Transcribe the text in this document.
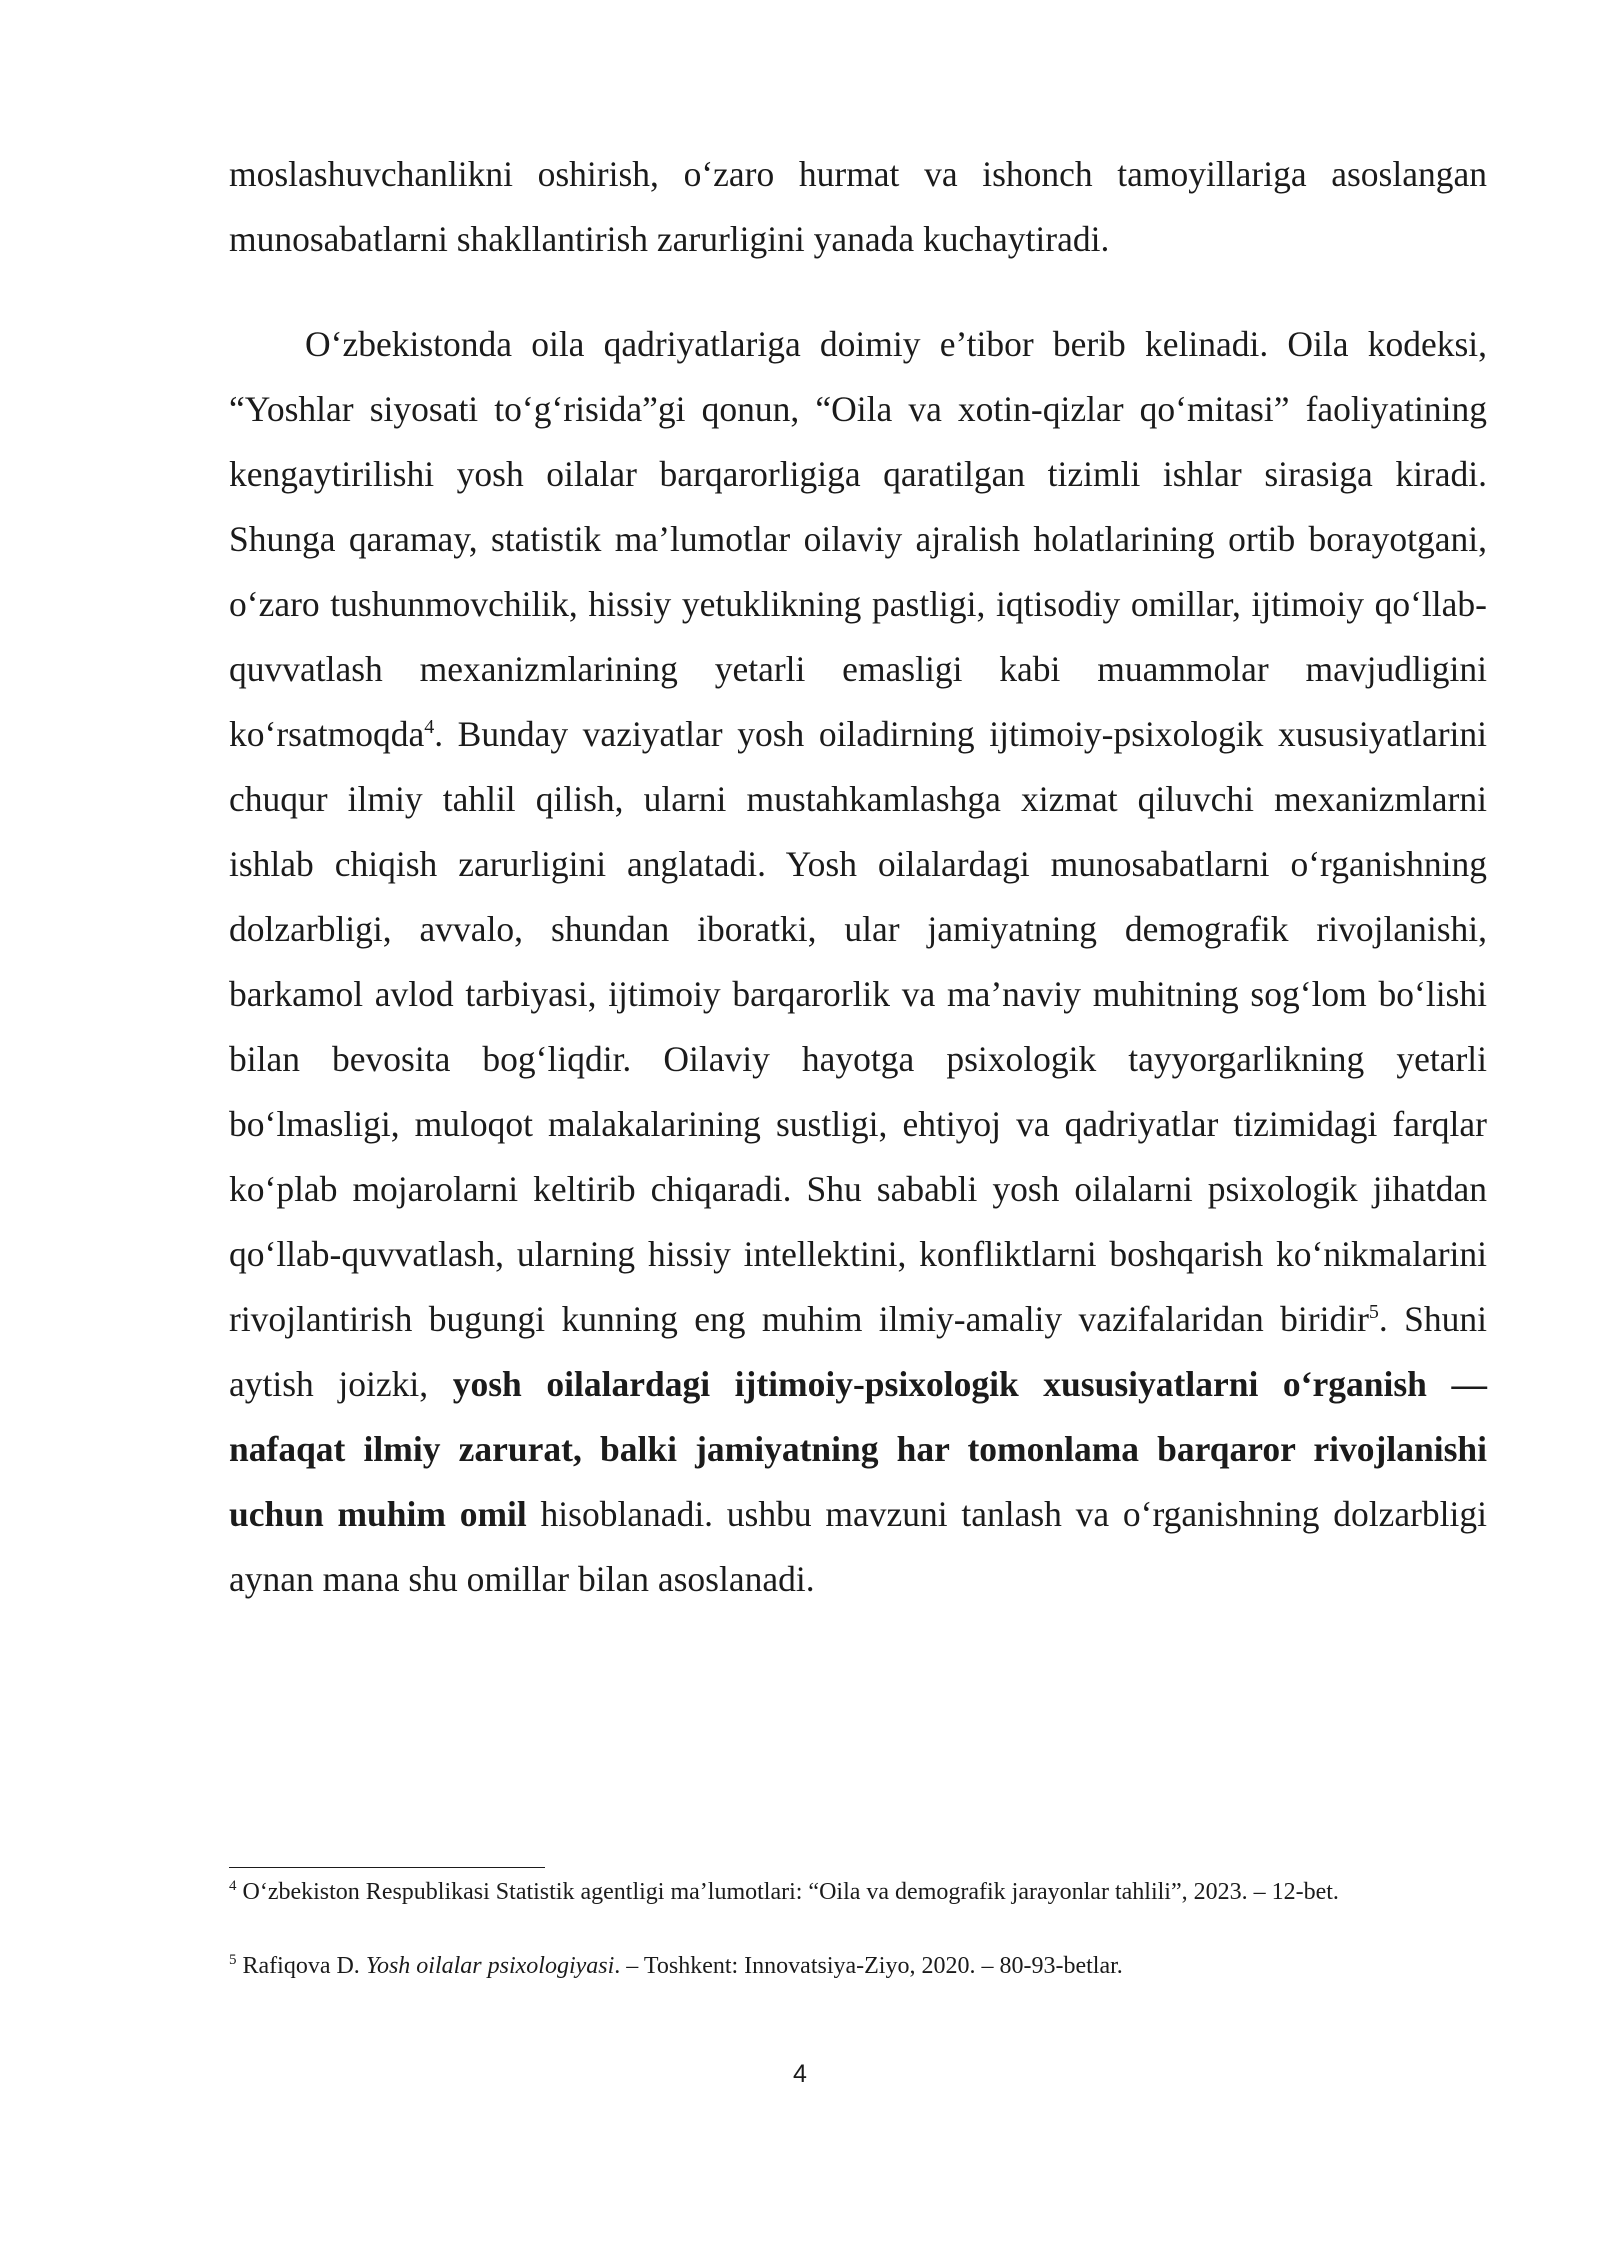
moslashuvchanlikni oshirish, o‘zaro hurmat va ishonch tamoyillariga asoslangan munosabatlarni shakllantirish zarurligini yanada kuchaytiradi.

O‘zbekistonda oila qadriyatlariga doimiy e’tibor berib kelinadi. Oila kodeksi, “Yoshlar siyosati to‘g‘risida”gi qonun, “Oila va xotin-qizlar qo‘mitasi” faoliyatining kengaytirilishi yosh oilalar barqarorligiga qaratilgan tizimli ishlar sirasiga kiradi. Shunga qaramay, statistik ma’lumotlar oilaviy ajralish holatlarining ortib borayotgani, o‘zaro tushunmovchilik, hissiy yetuklikning pastligi, iqtisodiy omillar, ijtimoiy qo‘llab-quvvatlash mexanizmlarining yetarli emasligi kabi muammolar mavjudligini ko‘rsatmoqda$^4$. Bunday vaziyatlar yosh oiladirning ijtimoiy-psixologik xususiyatlarini chuqur ilmiy tahlil qilish, ularni mustahkamlashga xizmat qiluvchi mexanizmlarni ishlab chiqish zarurligini anglatadi. Yosh oilalardagi munosabatlarni o‘rganishning dolzarbligi, avvalo, shundan iboratki, ular jamiyatning demografik rivojlanishi, barkamol avlod tarbiyasi, ijtimoiy barqarorlik va ma’naviy muhitning sog‘lom bo‘lishi bilan bevosita bog‘liqdir. Oilaviy hayotga psixologik tayyorgarlikning yetarli bo‘lmasligi, muloqot malakalarining sustligi, ehtiyoj va qadriyatlar tizimidagi farqlar ko‘plab mojarolarni keltirib chiqaradi. Shu sababli yosh oilalarni psixologik jihatdan qo‘llab-quvvatlash, ularning hissiy intellektini, konfliktlarni boshqarish ko‘nikmalarini rivojlantirish bugungi kunning eng muhim ilmiy-amaliy vazifalaridan biridir$^5$. Shuni aytish joizki, yosh oilalardagi ijtimoiy-psixologik xususiyatlarni o‘rganish — nafaqat ilmiy zarurat, balki jamiyatning har tomonlama barqaror rivojlanishi uchun muhim omil hisoblanadi. ushbu mavzuni tanlash va o‘rganishning dolzarbligi aynan mana shu omillar bilan asoslanadi.

$^4$ O‘zbekiston Respublikasi Statistik agentligi ma’lumotlari: “Oila va demografik jarayonlar tahlili”, 2023. – 12-bet.

$^5$ Rafiqova D. Yosh oilalar psixologiyasi. – Toshkent: Innovatsiya-Ziyo, 2020. – 80-93-betlar.

4
